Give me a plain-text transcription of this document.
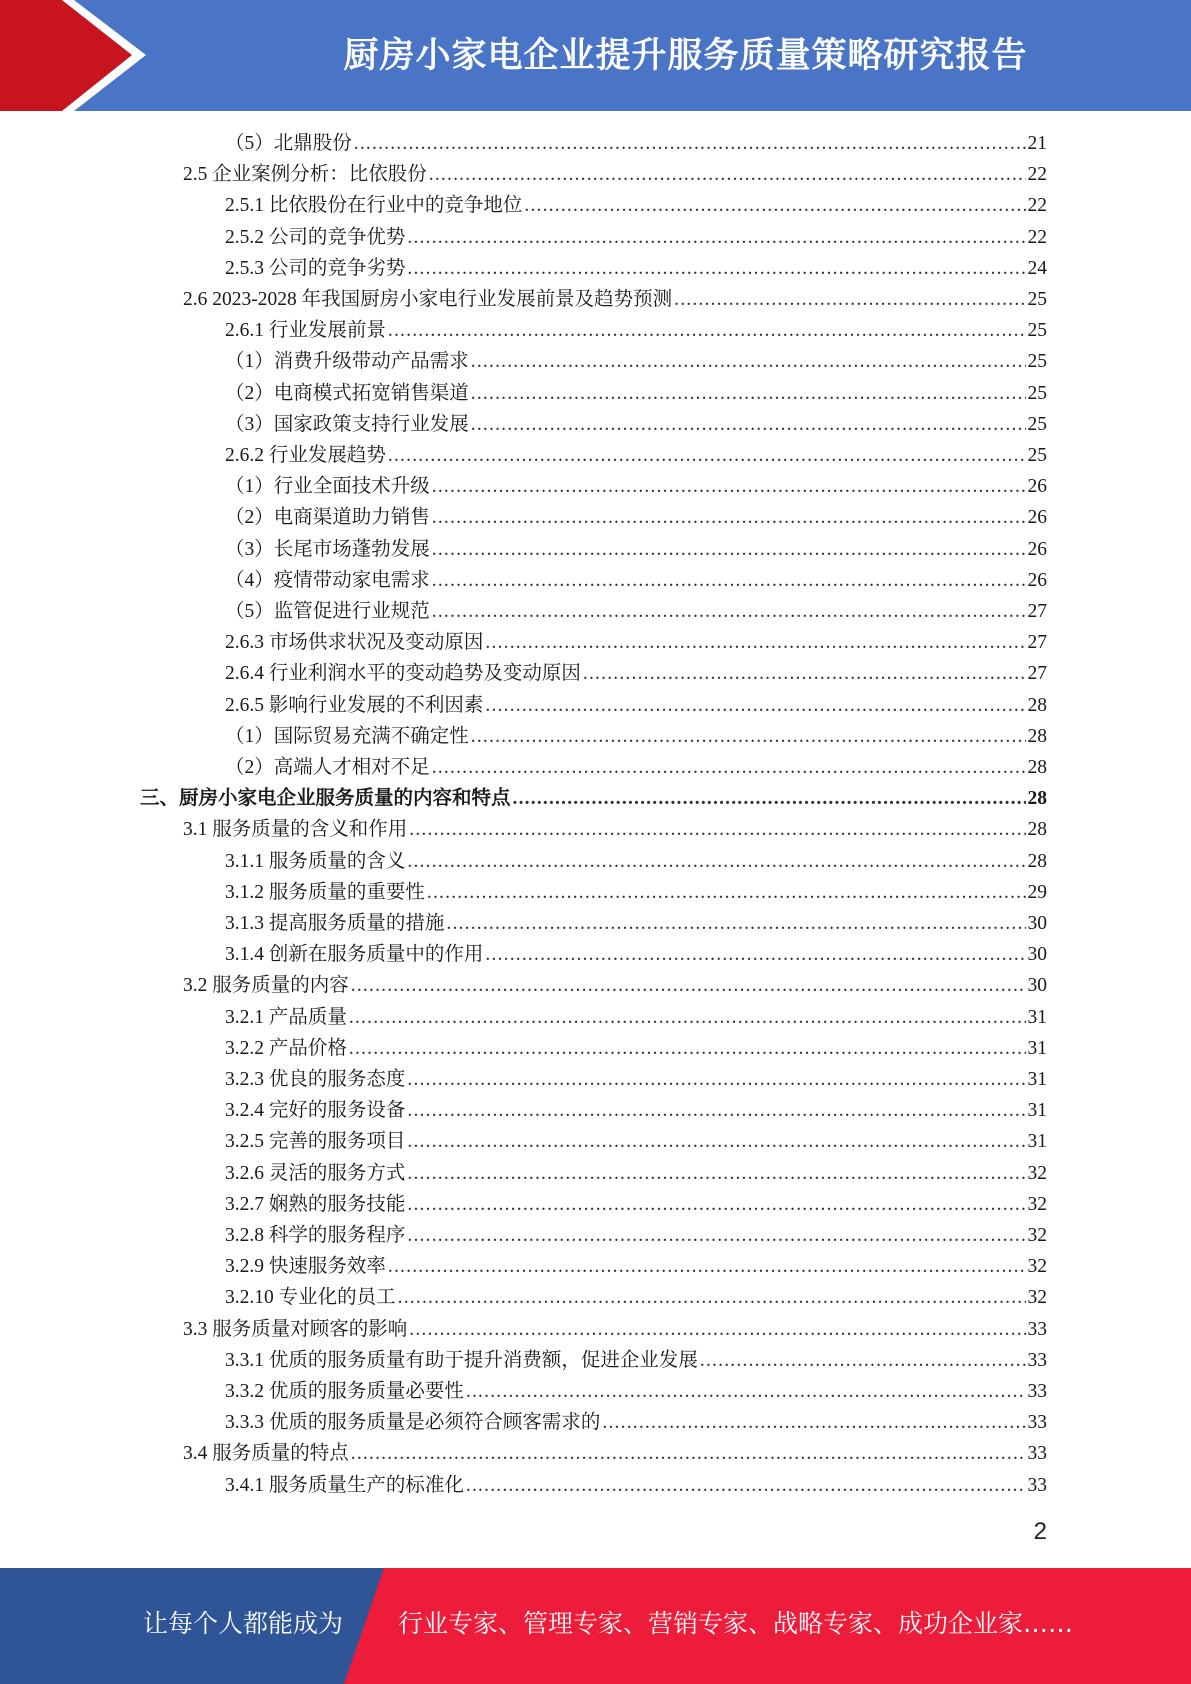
厨房小家电企业提升服务质量策略研究报告
（5）北鼎股份 .....	21
2.5 企业案例分析：比依股份 .....	22
2.5.1 比依股份在行业中的竞争地位 .....	22
2.5.2 公司的竞争优势 .....	22
2.5.3 公司的竞争劣势 .....	24
2.6 2023-2028 年我国厨房小家电行业发展前景及趋势预测 .....	25
2.6.1 行业发展前景 .....	25
（1）消费升级带动产品需求 .....	25
（2）电商模式拓宽销售渠道 .....	25
（3）国家政策支持行业发展 .....	25
2.6.2 行业发展趋势 .....	25
（1）行业全面技术升级 .....	26
（2）电商渠道助力销售 .....	26
（3）长尾市场蓬勃发展 .....	26
（4）疫情带动家电需求 .....	26
（5）监管促进行业规范 .....	27
2.6.3 市场供求状况及变动原因 .....	27
2.6.4 行业利润水平的变动趋势及变动原因 .....	27
2.6.5 影响行业发展的不利因素 .....	28
（1）国际贸易充满不确定性 .....	28
（2）高端人才相对不足 .....	28
三、厨房小家电企业服务质量的内容和特点 .....	28
3.1 服务质量的含义和作用 .....	28
3.1.1 服务质量的含义 .....	28
3.1.2 服务质量的重要性 .....	29
3.1.3 提高服务质量的措施 .....	30
3.1.4 创新在服务质量中的作用 .....	30
3.2 服务质量的内容 .....	30
3.2.1 产品质量 .....	31
3.2.2 产品价格 .....	31
3.2.3 优良的服务态度 .....	31
3.2.4 完好的服务设备 .....	31
3.2.5 完善的服务项目 .....	31
3.2.6 灵活的服务方式 .....	32
3.2.7 娴熟的服务技能 .....	32
3.2.8 科学的服务程序 .....	32
3.2.9 快速服务效率 .....	32
3.2.10 专业化的员工 .....	32
3.3 服务质量对顾客的影响 .....	33
3.3.1 优质的服务质量有助于提升消费额，促进企业发展 .....	33
3.3.2 优质的服务质量必要性 .....	33
3.3.3 优质的服务质量是必须符合顾客需求的 .....	33
3.4 服务质量的特点 .....	33
3.4.1 服务质量生产的标准化 .....	33
2
让每个人都能成为 行业专家、管理专家、营销专家、战略专家、成功企业家……
